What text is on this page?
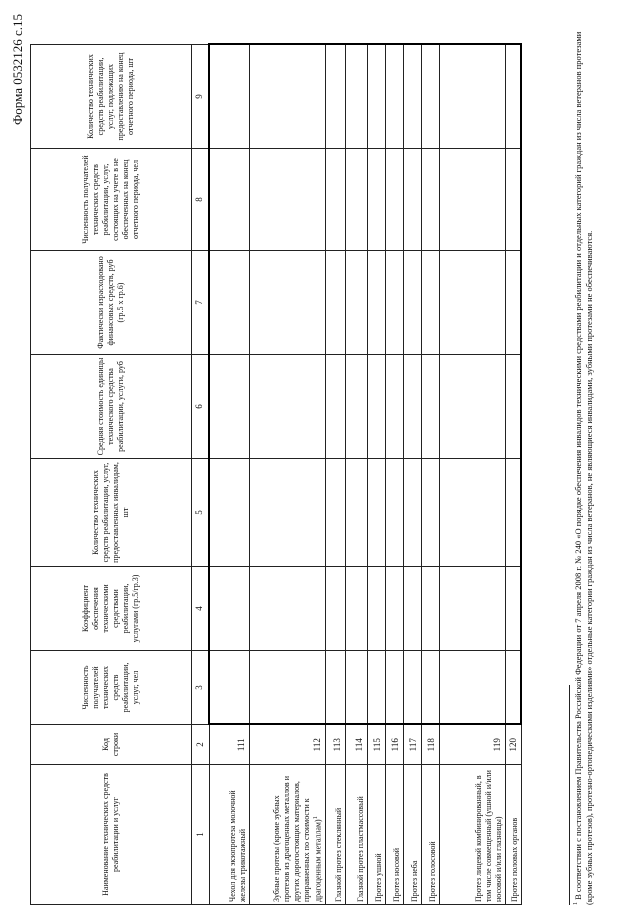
Форма 0532126 с.15
Наименование технических средств реабилитации и услуг	Код строки	Численность получателей технических средств реабилитации, услуг, чел	Коэффициент обеспечения техническими средствами реабилитации, услугами (гр.5/гр.3)	Количество технических средств реабилитации, услуг, предоставленных инвалидам, шт	Средняя стоимость единицы технического средства реабилитации, услуги, руб	Фактически израсходовано финансовых средств, руб (гр.5 х гр.6)	Численность получателей технических средств реабилитации, услуг, состоящих на учете в не обеспеченных на конец отчетного периода, чел	Количество технических средств реабилитации, услуг, подлежащих предоставлению на конец отчетного периода, шт
1	2	3	4	5	6	7	8	9
Чехол для экзопротеза молочной железы трикотажный	111							
Зубные протезы (кроме зубных протезов из драгоценных металлов и других дорогостоящих материалов, приравненных по стоимости к драгоценным металлам)$^1$	112							
Глазной протез стеклянный	113							
Глазной протез пластмассовый	114							
Протез ушной	115							
Протез носовой	116							
Протез неба	117							
Протез голосовой	118							
Протез лицевой комбинированный, в том числе совмещенный (ушной и/или носовой и/или глазницы)	119							
Протез половых органов	120							
$^1$ В соответствии с постановлением Правительства Российской Федерации от 7 апреля 2008 г. № 240 «О порядке обеспечения инвалидов техническими средствами реабилитации и отдельных категорий граждан из числа ветеранов протезами (кроме зубных протезов), протезно-ортопедическими изделиями» отдельные категории граждан из числа ветеранов, не являющиеся инвалидами, зубными протезами не обеспечиваются.
